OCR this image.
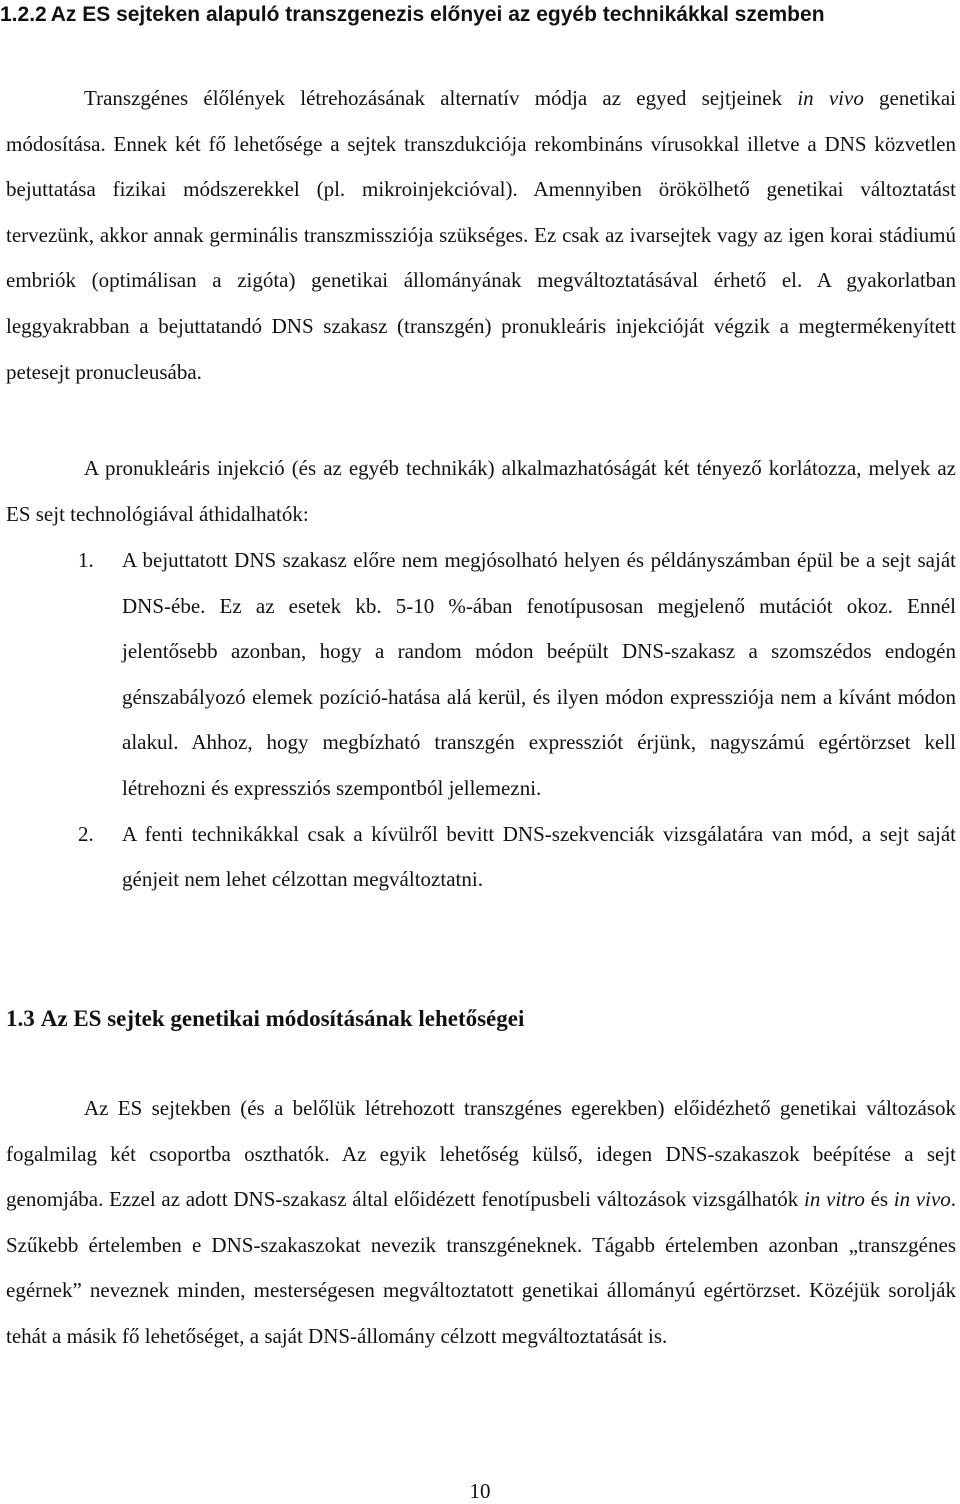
1.2.2 Az ES sejteken alapuló transzgenezis előnyei az egyéb technikákkal szemben

Transzgénes élőlények létrehozásának alternatív módja az egyed sejtjeinek in vivo genetikai módosítása. Ennek két fő lehetősége a sejtek transzdukciója rekombináns vírusokkal illetve a DNS közvetlen bejuttatása fizikai módszerekkel (pl. mikroinjekcióval). Amennyiben örökölhető genetikai változtatást tervezünk, akkor annak germinális transzmissziója szükséges. Ez csak az ivarsejtek vagy az igen korai stádiumú embriók (optimálisan a zigóta) genetikai állományának megváltoztatásával érhető el. A gyakorlatban leggyakrabban a bejuttatandó DNS szakasz (transzgén) pronukleáris injekcióját végzik a megtermékenyített petesejt pronucleusába.

A pronukleáris injekció (és az egyéb technikák) alkalmazhatóságát két tényező korlátozza, melyek az ES sejt technológiával áthidalhatók:

1. A bejuttatott DNS szakasz előre nem megjósolható helyen és példányszámban épül be a sejt saját DNS-ébe. Ez az esetek kb. 5-10 %-ában fenotípusosan megjelenő mutációt okoz. Ennél jelentősebb azonban, hogy a random módon beépült DNS-szakasz a szomszédos endogén génszabályozó elemek pozíció-hatása alá kerül, és ilyen módon expressziója nem a kívánt módon alakul. Ahhoz, hogy megbízható transzgén expressziót érjünk, nagyszámú egértörzset kell létrehozni és expressziós szempontból jellemezni.
2. A fenti technikákkal csak a kívülről bevitt DNS-szekvenciák vizsgálatára van mód, a sejt saját génjeit nem lehet célzottan megváltoztatni.
1.3 Az ES sejtek genetikai módosításának lehetőségei

Az ES sejtekben (és a belőlük létrehozott transzgénes egerekben) előidézhető genetikai változások fogalmilag két csoportba oszthatók. Az egyik lehetőség külső, idegen DNS-szakaszok beépítése a sejt genomjába. Ezzel az adott DNS-szakasz által előidézett fenotípusbeli változások vizsgálhatók in vitro és in vivo. Szűkebb értelemben e DNS-szakaszokat nevezik transzgéneknek. Tágabb értelemben azonban „transzgénes egérnek” neveznek minden, mesterségesen megváltoztatott genetikai állományú egértörzset. Közéjük sorolják tehát a másik fő lehetőséget, a saját DNS-állomány célzott megváltoztatását is.

10
